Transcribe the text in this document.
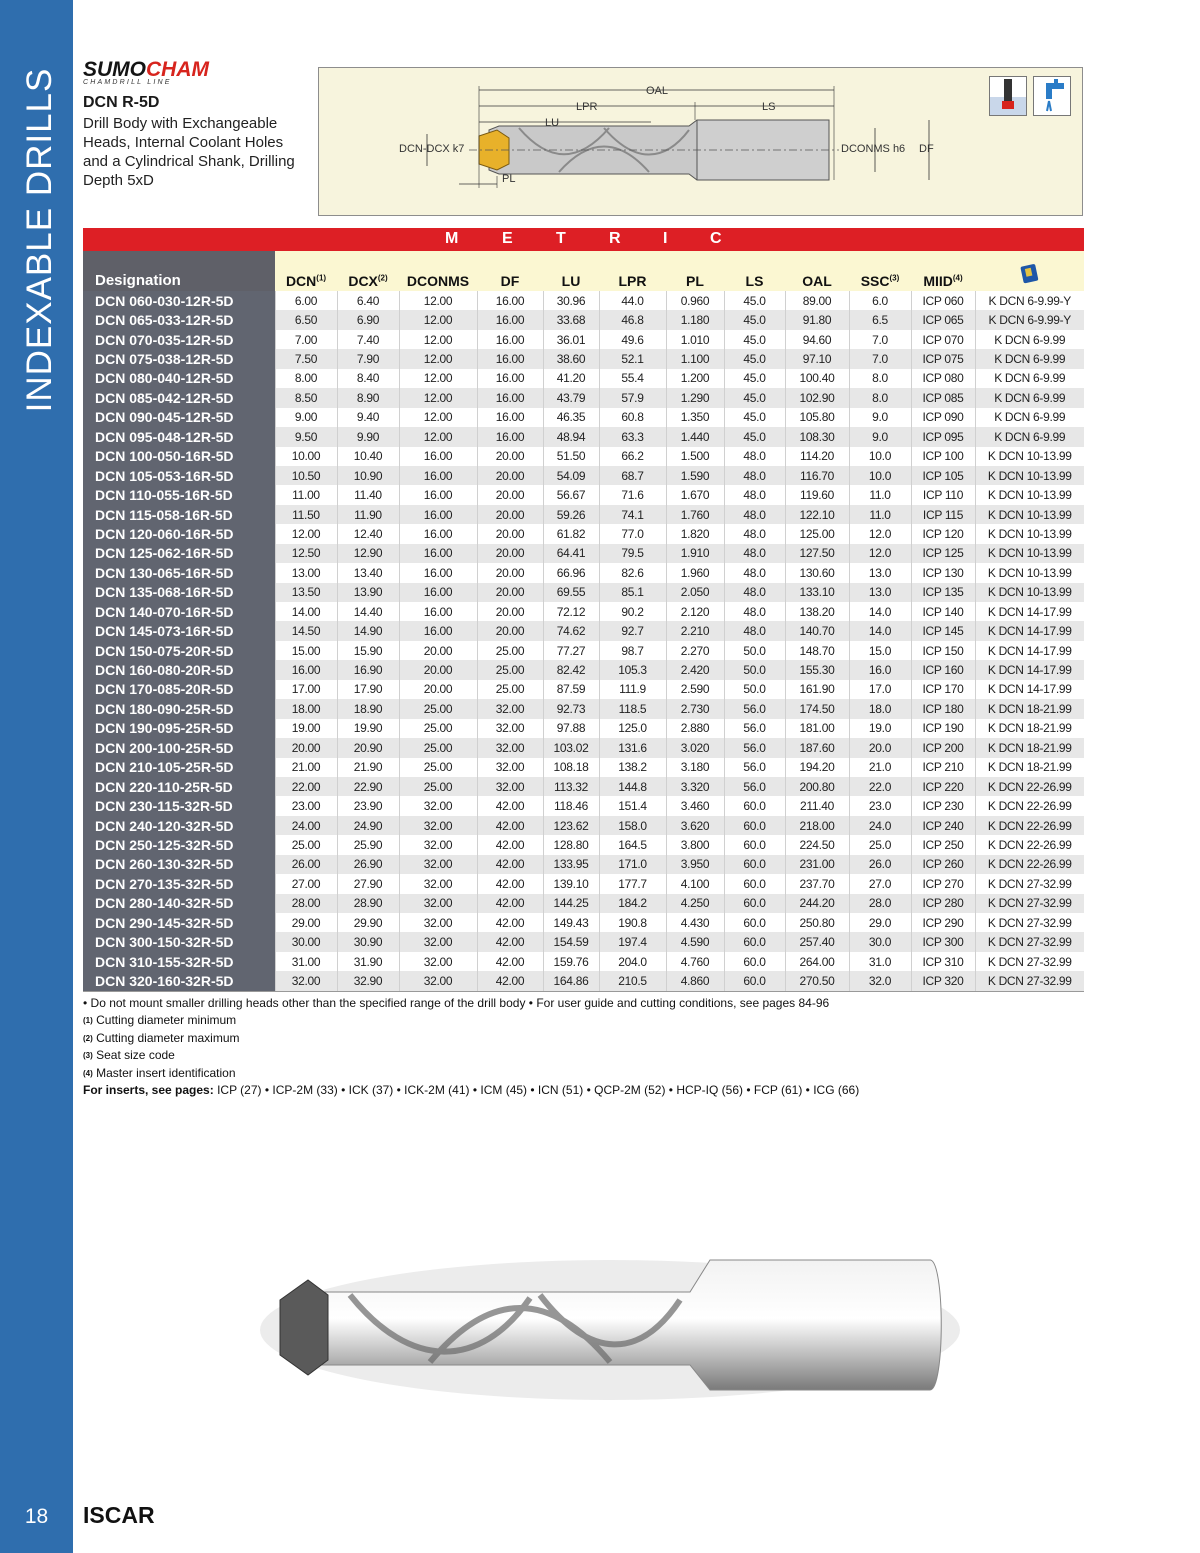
INDEXABLE DRILLS
18	ISCAR
SUMOCHAM
CHAMDRILL LINE
DCN R-5D
Drill Body with Exchangeable Heads, Internal Coolant Holes and a Cylindrical Shank, Drilling Depth 5xD
OAL
LPR	LS
LU
PL
DCN-DCX k7	DCONMS h6 DF
M	E	T	R	I	C
Designation	DCN$^{(1)}$	DCX$^{(2)}$	DCONMS	DF	LU	LPR	PL	LS	OAL	SSC$^{(3)}$	MIID$^{(4)}$	
DCN 060-030-12R-5D	6.00	6.40	12.00	16.00	30.96	44.0	0.960	45.0	89.00	6.0	ICP 060	K DCN 6-9.99-Y
DCN 065-033-12R-5D	6.50	6.90	12.00	16.00	33.68	46.8	1.180	45.0	91.80	6.5	ICP 065	K DCN 6-9.99-Y
DCN 070-035-12R-5D	7.00	7.40	12.00	16.00	36.01	49.6	1.010	45.0	94.60	7.0	ICP 070	K DCN 6-9.99
DCN 075-038-12R-5D	7.50	7.90	12.00	16.00	38.60	52.1	1.100	45.0	97.10	7.0	ICP 075	K DCN 6-9.99
DCN 080-040-12R-5D	8.00	8.40	12.00	16.00	41.20	55.4	1.200	45.0	100.40	8.0	ICP 080	K DCN 6-9.99
DCN 085-042-12R-5D	8.50	8.90	12.00	16.00	43.79	57.9	1.290	45.0	102.90	8.0	ICP 085	K DCN 6-9.99
DCN 090-045-12R-5D	9.00	9.40	12.00	16.00	46.35	60.8	1.350	45.0	105.80	9.0	ICP 090	K DCN 6-9.99
DCN 095-048-12R-5D	9.50	9.90	12.00	16.00	48.94	63.3	1.440	45.0	108.30	9.0	ICP 095	K DCN 6-9.99
DCN 100-050-16R-5D	10.00	10.40	16.00	20.00	51.50	66.2	1.500	48.0	114.20	10.0	ICP 100	K DCN 10-13.99
DCN 105-053-16R-5D	10.50	10.90	16.00	20.00	54.09	68.7	1.590	48.0	116.70	10.0	ICP 105	K DCN 10-13.99
DCN 110-055-16R-5D	11.00	11.40	16.00	20.00	56.67	71.6	1.670	48.0	119.60	11.0	ICP 110	K DCN 10-13.99
DCN 115-058-16R-5D	11.50	11.90	16.00	20.00	59.26	74.1	1.760	48.0	122.10	11.0	ICP 115	K DCN 10-13.99
DCN 120-060-16R-5D	12.00	12.40	16.00	20.00	61.82	77.0	1.820	48.0	125.00	12.0	ICP 120	K DCN 10-13.99
DCN 125-062-16R-5D	12.50	12.90	16.00	20.00	64.41	79.5	1.910	48.0	127.50	12.0	ICP 125	K DCN 10-13.99
DCN 130-065-16R-5D	13.00	13.40	16.00	20.00	66.96	82.6	1.960	48.0	130.60	13.0	ICP 130	K DCN 10-13.99
DCN 135-068-16R-5D	13.50	13.90	16.00	20.00	69.55	85.1	2.050	48.0	133.10	13.0	ICP 135	K DCN 10-13.99
DCN 140-070-16R-5D	14.00	14.40	16.00	20.00	72.12	90.2	2.120	48.0	138.20	14.0	ICP 140	K DCN 14-17.99
DCN 145-073-16R-5D	14.50	14.90	16.00	20.00	74.62	92.7	2.210	48.0	140.70	14.0	ICP 145	K DCN 14-17.99
DCN 150-075-20R-5D	15.00	15.90	20.00	25.00	77.27	98.7	2.270	50.0	148.70	15.0	ICP 150	K DCN 14-17.99
DCN 160-080-20R-5D	16.00	16.90	20.00	25.00	82.42	105.3	2.420	50.0	155.30	16.0	ICP 160	K DCN 14-17.99
DCN 170-085-20R-5D	17.00	17.90	20.00	25.00	87.59	111.9	2.590	50.0	161.90	17.0	ICP 170	K DCN 14-17.99
DCN 180-090-25R-5D	18.00	18.90	25.00	32.00	92.73	118.5	2.730	56.0	174.50	18.0	ICP 180	K DCN 18-21.99
DCN 190-095-25R-5D	19.00	19.90	25.00	32.00	97.88	125.0	2.880	56.0	181.00	19.0	ICP 190	K DCN 18-21.99
DCN 200-100-25R-5D	20.00	20.90	25.00	32.00	103.02	131.6	3.020	56.0	187.60	20.0	ICP 200	K DCN 18-21.99
DCN 210-105-25R-5D	21.00	21.90	25.00	32.00	108.18	138.2	3.180	56.0	194.20	21.0	ICP 210	K DCN 18-21.99
DCN 220-110-25R-5D	22.00	22.90	25.00	32.00	113.32	144.8	3.320	56.0	200.80	22.0	ICP 220	K DCN 22-26.99
DCN 230-115-32R-5D	23.00	23.90	32.00	42.00	118.46	151.4	3.460	60.0	211.40	23.0	ICP 230	K DCN 22-26.99
DCN 240-120-32R-5D	24.00	24.90	32.00	42.00	123.62	158.0	3.620	60.0	218.00	24.0	ICP 240	K DCN 22-26.99
DCN 250-125-32R-5D	25.00	25.90	32.00	42.00	128.80	164.5	3.800	60.0	224.50	25.0	ICP 250	K DCN 22-26.99
DCN 260-130-32R-5D	26.00	26.90	32.00	42.00	133.95	171.0	3.950	60.0	231.00	26.0	ICP 260	K DCN 22-26.99
DCN 270-135-32R-5D	27.00	27.90	32.00	42.00	139.10	177.7	4.100	60.0	237.70	27.0	ICP 270	K DCN 27-32.99
DCN 280-140-32R-5D	28.00	28.90	32.00	42.00	144.25	184.2	4.250	60.0	244.20	28.0	ICP 280	K DCN 27-32.99
DCN 290-145-32R-5D	29.00	29.90	32.00	42.00	149.43	190.8	4.430	60.0	250.80	29.0	ICP 290	K DCN 27-32.99
DCN 300-150-32R-5D	30.00	30.90	32.00	42.00	154.59	197.4	4.590	60.0	257.40	30.0	ICP 300	K DCN 27-32.99
DCN 310-155-32R-5D	31.00	31.90	32.00	42.00	159.76	204.0	4.760	60.0	264.00	31.0	ICP 310	K DCN 27-32.99
DCN 320-160-32R-5D	32.00	32.90	32.00	42.00	164.86	210.5	4.860	60.0	270.50	32.0	ICP 320	K DCN 27-32.99
• Do not mount smaller drilling heads other than the specified range of the drill body • For user guide and cutting conditions, see pages 84-96
$^{(1)}$ Cutting diameter minimum
$^{(2)}$ Cutting diameter maximum
$^{(3)}$ Seat size code
$^{(4)}$ Master insert identification
For inserts, see pages: ICP (27) • ICP-2M (33) • ICK (37) • ICK-2M (41) • ICM (45) • ICN (51) • QCP-2M (52) • HCP-IQ (56) • FCP (61) • ICG (66)
